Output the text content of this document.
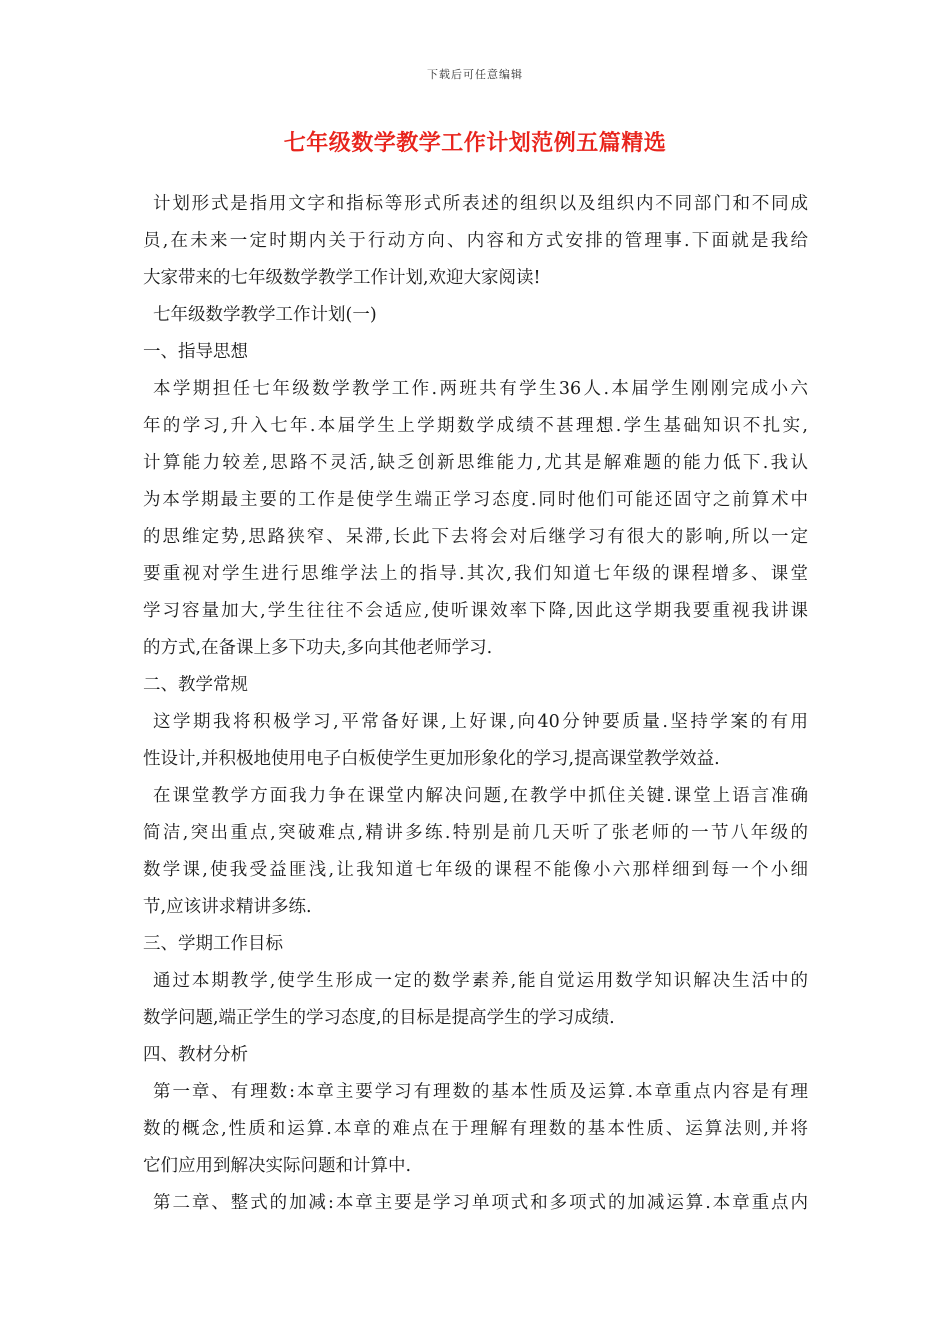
下载后可任意编辑
七年级数学教学工作计划范例五篇精选
计划形式是指用文字和指标等形式所表述的组织以及组织内不同部门和不同成
员,在未来一定时期内关于行动方向、内容和方式安排的管理事.下面就是我给
大家带来的七年级数学教学工作计划,欢迎大家阅读!
七年级数学教学工作计划(一)
一、指导思想
本学期担任七年级数学教学工作.两班共有学生36人.本届学生刚刚完成小六
年的学习,升入七年.本届学生上学期数学成绩不甚理想.学生基础知识不扎实,
计算能力较差,思路不灵活,缺乏创新思维能力,尤其是解难题的能力低下.我认
为本学期最主要的工作是使学生端正学习态度.同时他们可能还固守之前算术中
的思维定势,思路狭窄、呆滞,长此下去将会对后继学习有很大的影响,所以一定
要重视对学生进行思维学法上的指导.其次,我们知道七年级的课程增多、课堂
学习容量加大,学生往往不会适应,使听课效率下降,因此这学期我要重视我讲课
的方式,在备课上多下功夫,多向其他老师学习.
二、教学常规
这学期我将积极学习,平常备好课,上好课,向40分钟要质量.坚持学案的有用
性设计,并积极地使用电子白板使学生更加形象化的学习,提高课堂教学效益.
在课堂教学方面我力争在课堂内解决问题,在教学中抓住关键.课堂上语言准确
简洁,突出重点,突破难点,精讲多练.特别是前几天听了张老师的一节八年级的
数学课,使我受益匪浅,让我知道七年级的课程不能像小六那样细到每一个小细
节,应该讲求精讲多练.
三、学期工作目标
通过本期教学,使学生形成一定的数学素养,能自觉运用数学知识解决生活中的
数学问题,端正学生的学习态度,的目标是提高学生的学习成绩.
四、教材分析
第一章、有理数:本章主要学习有理数的基本性质及运算.本章重点内容是有理
数的概念,性质和运算.本章的难点在于理解有理数的基本性质、运算法则,并将
它们应用到解决实际问题和计算中.
第二章、整式的加减:本章主要是学习单项式和多项式的加减运算.本章重点内
